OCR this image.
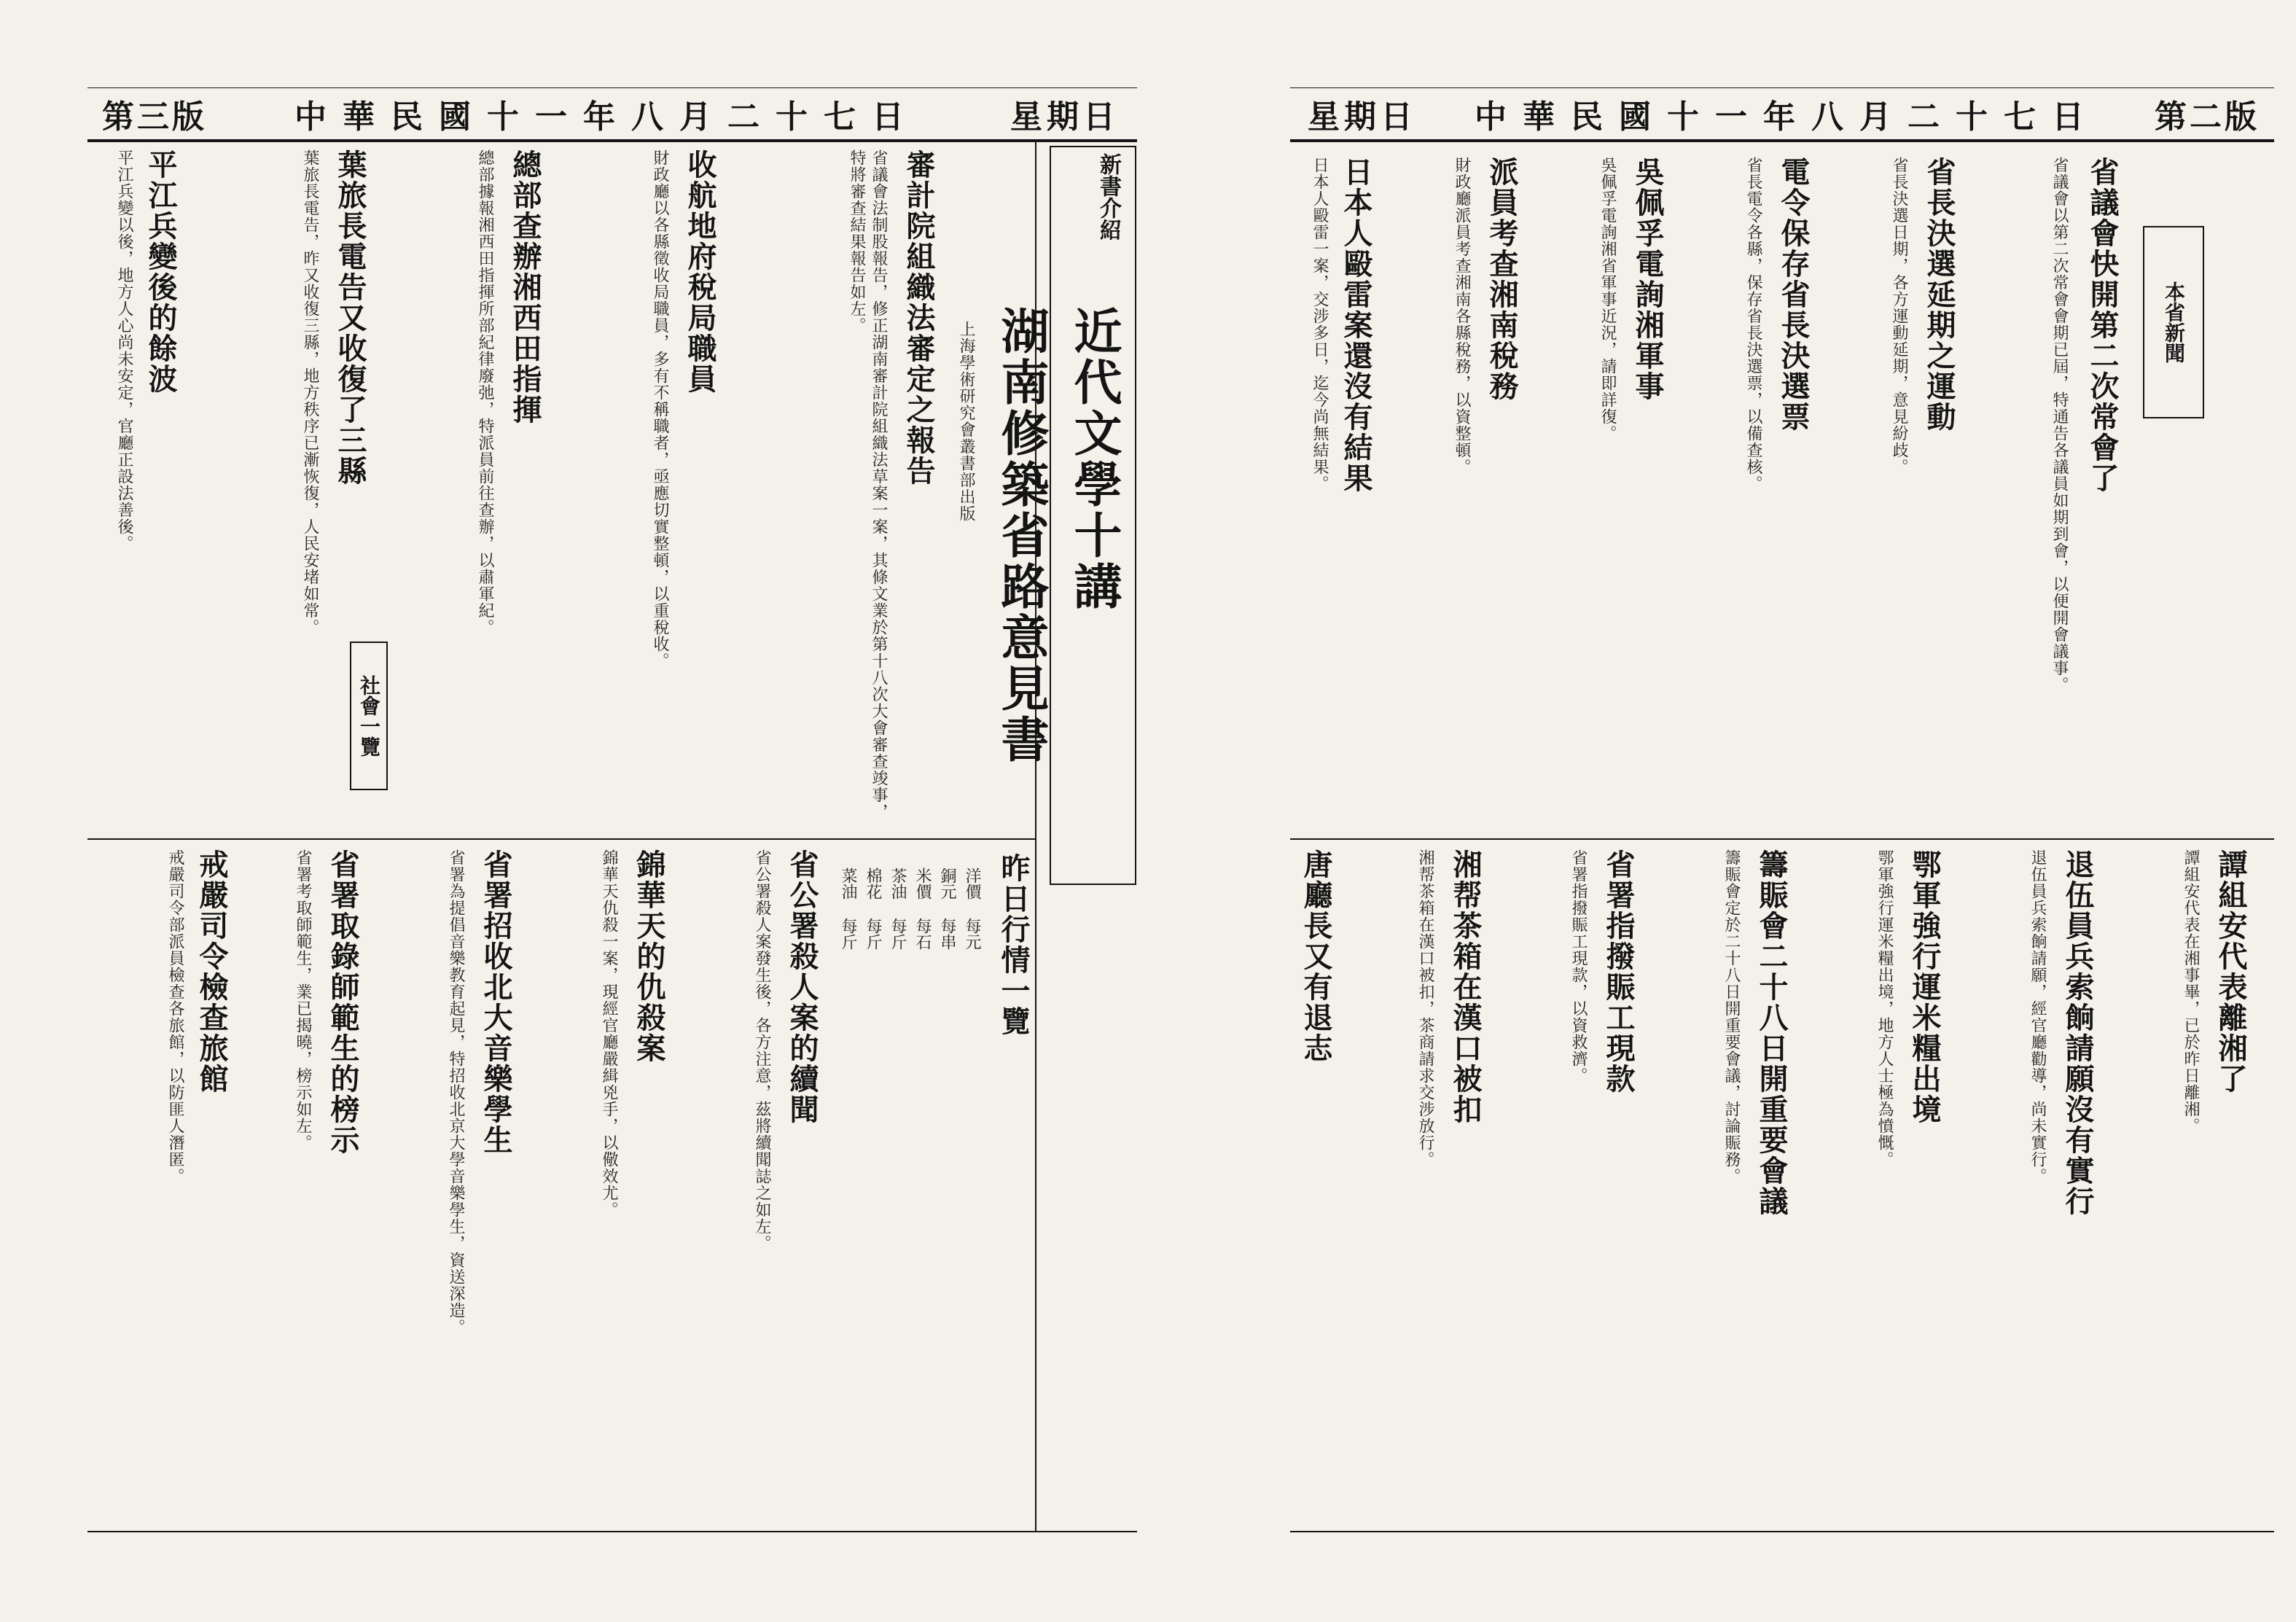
第三版	中華民國十一年八月二十七日	星期日	星期日	中華民國十一年八月二十七日	第二版
新書介紹
近代文學十講
湖南修築省路意見書
上海學術研究會叢書部出版
昨日行情一覽
洋價 每元
銅元 每串
米價 每石
茶油 每斤
棉花 每斤
菜油 每斤
審計院組織法審定之報告
省議會法制股報告，修正湖南審計院組織法草案一案，其條文業於第十八次大會審查竣事，特將審查結果報告如左。
收航地府稅局職員
財政廳以各縣徵收局職員，多有不稱職者，亟應切實整頓，以重稅收。
總部查辦湘西田指揮
總部據報湘西田指揮所部紀律廢弛，特派員前往查辦，以肅軍紀。
葉旅長電告又收復了三縣
葉旅長電告，昨又收復三縣，地方秩序已漸恢復，人民安堵如常。
平江兵變後的餘波
平江兵變以後，地方人心尚未安定，官廳正設法善後。
省公署殺人案的續聞
省公署殺人案發生後，各方注意，茲將續聞誌之如左。
錦華天的仇殺案
錦華天仇殺一案，現經官廳嚴緝兇手，以儆效尤。
省署招收北大音樂學生
省署為提倡音樂教育起見，特招收北京大學音樂學生，資送深造。
省署取錄師範生的榜示
省署考取師範生，業已揭曉，榜示如左。
戒嚴司令檢查旅館
戒嚴司令部派員檢查各旅館，以防匪人潛匿。
社會一覽
本省新聞
省議會快開第二次常會了
省議會以第二次常會會期已屆，特通告各議員如期到會，以便開會議事。
省長決選延期之運動
省長決選日期，各方運動延期，意見紛歧。
電令保存省長決選票
省長電令各縣，保存省長決選票，以備查核。
吳佩孚電詢湘軍事
吳佩孚電詢湘省軍事近況，請即詳復。
派員考查湘南稅務
財政廳派員考查湘南各縣稅務，以資整頓。
日本人毆雷案還沒有結果
日本人毆雷一案，交涉多日，迄今尚無結果。
譚組安代表離湘了
譚組安代表在湘事畢，已於昨日離湘。
退伍員兵索餉請願沒有實行
退伍員兵索餉請願，經官廳勸導，尚未實行。
鄂軍強行運米糧出境
鄂軍強行運米糧出境，地方人士極為憤慨。
籌賑會二十八日開重要會議
籌賑會定於二十八日開重要會議，討論賑務。
省署指撥賑工現款
省署指撥賑工現款，以資救濟。
湘帮茶箱在漢口被扣
湘帮茶箱在漢口被扣，茶商請求交涉放行。
唐廳長又有退志
